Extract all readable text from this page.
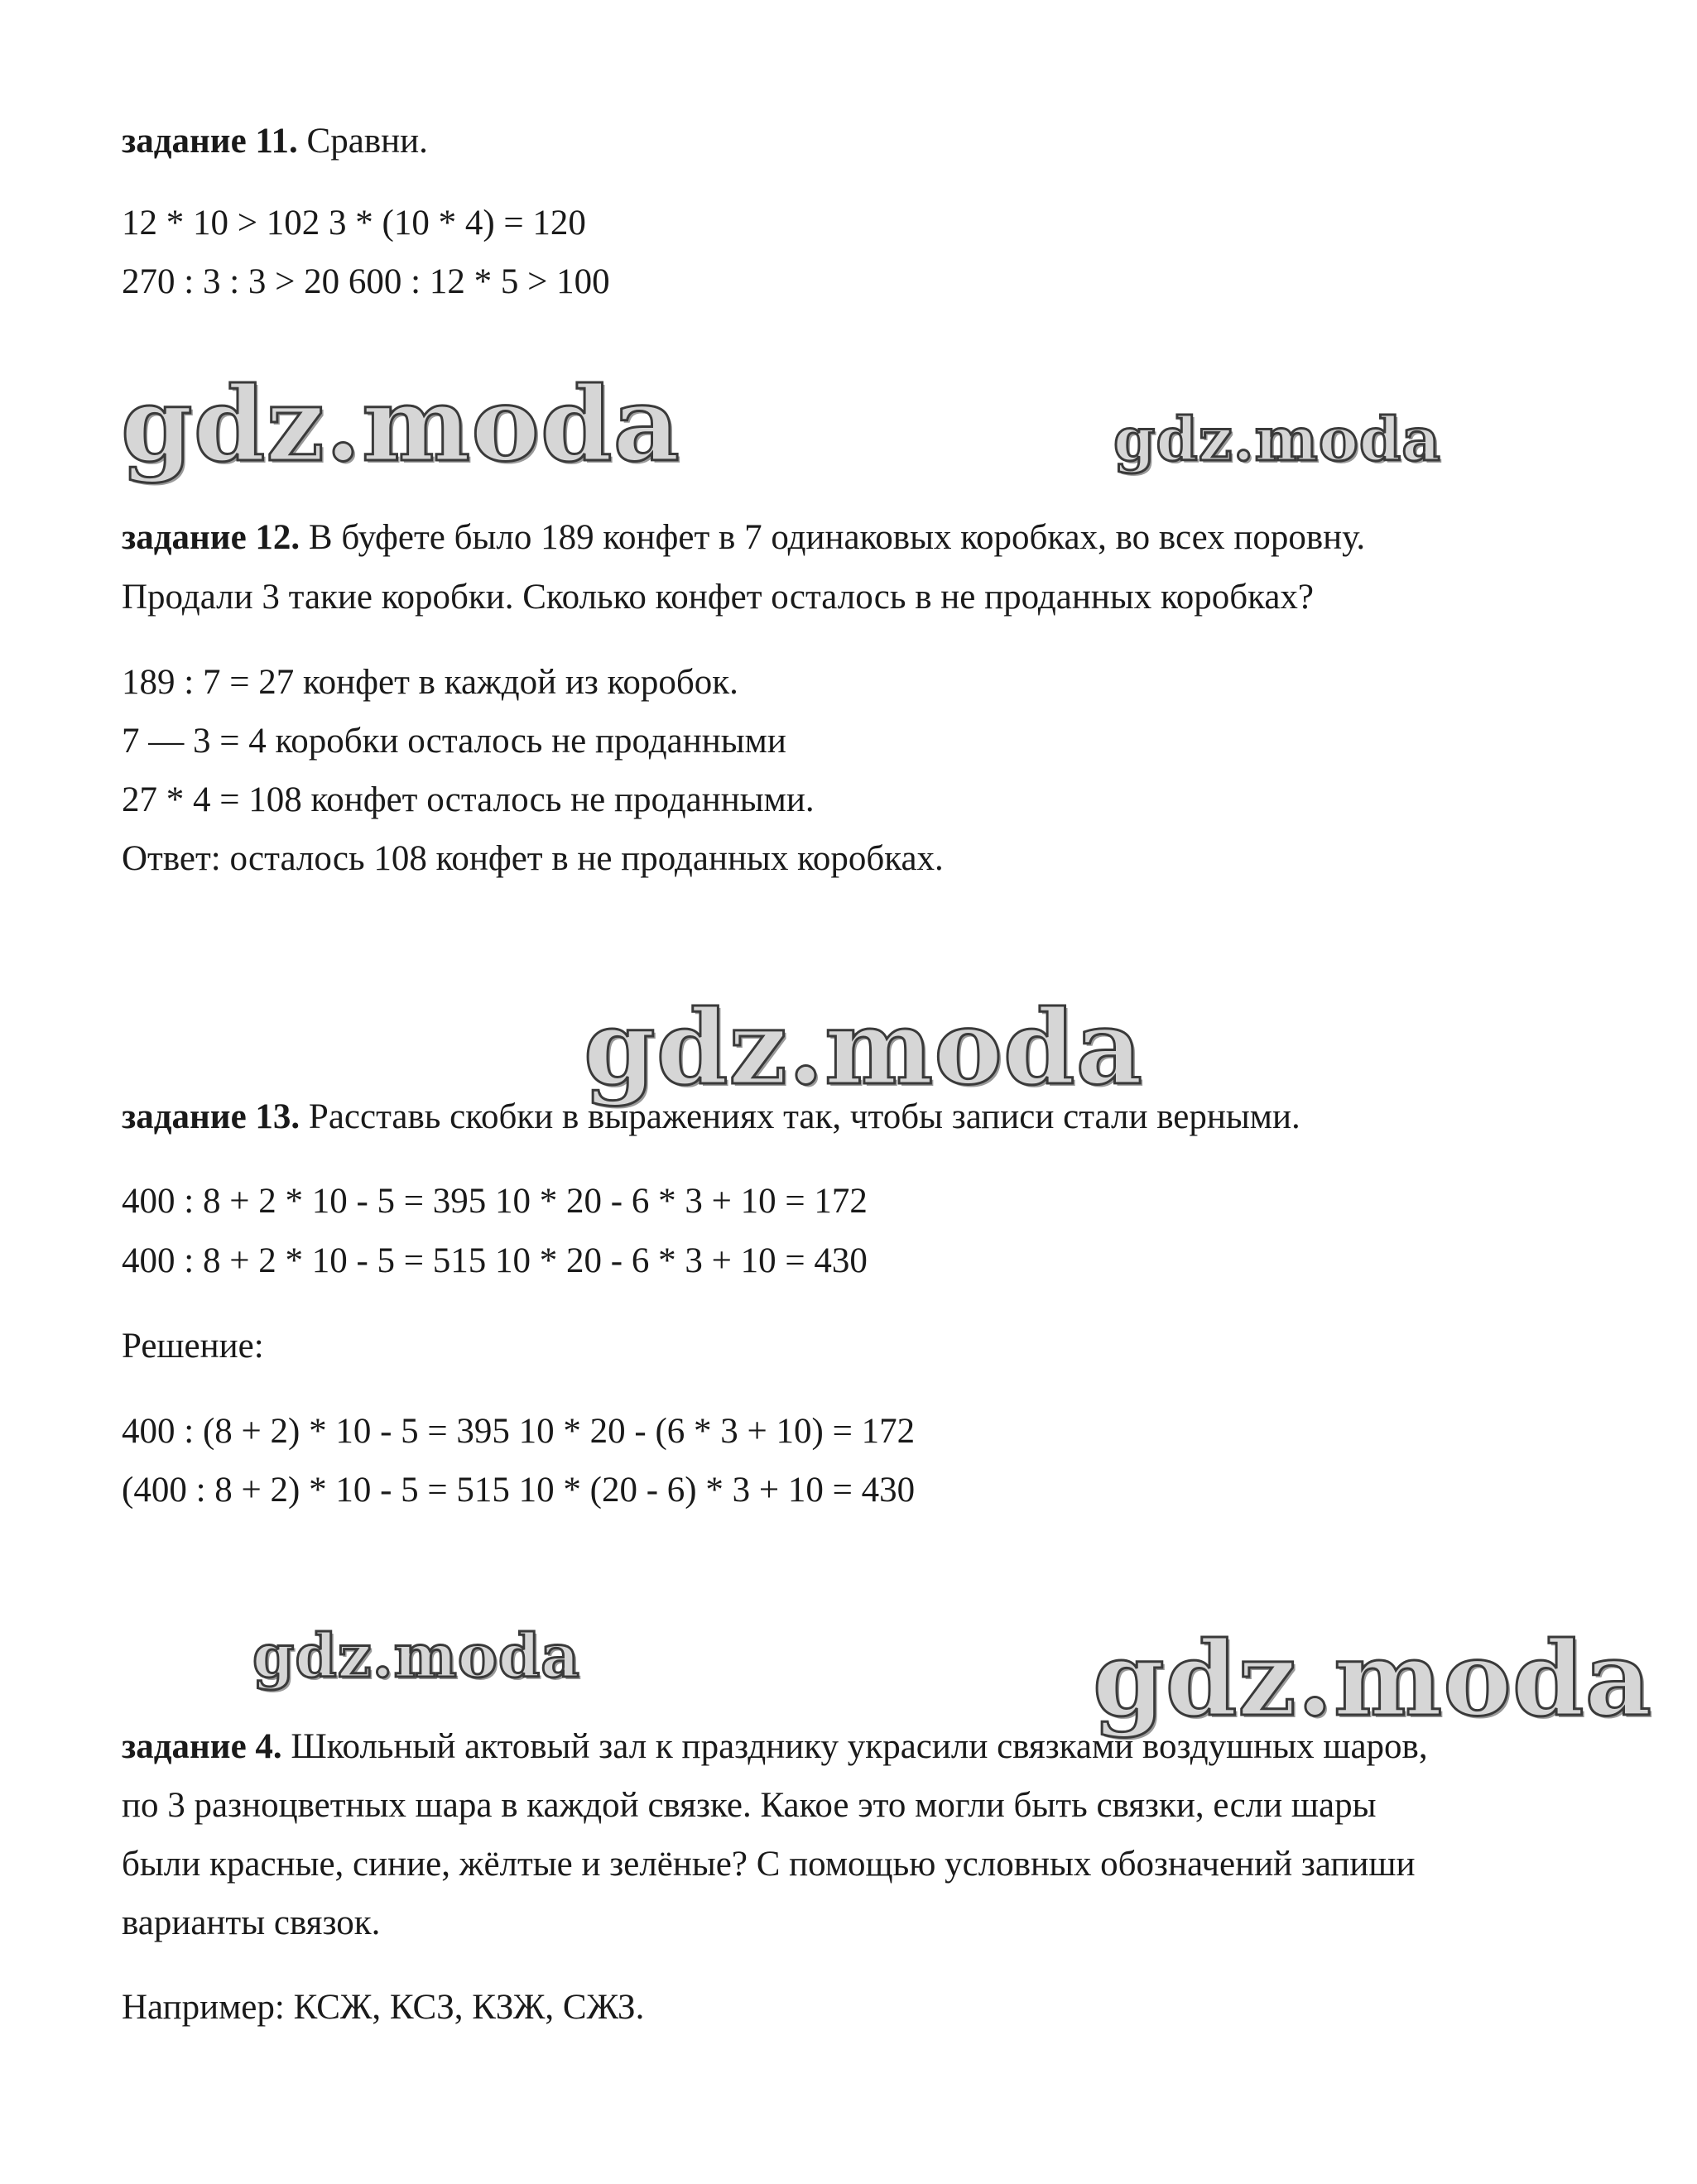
задание 11. Сравни.
12 * 10 > 102 3 * (10 * 4) = 120
270 : 3 : 3 > 20 600 : 12 * 5 > 100
gdz.moda	gdz.moda
задание 12. В буфете было 189 конфет в 7 одинаковых коробках, во всех поровну.
Продали 3 такие коробки. Сколько конфет осталось в не проданных коробках?
189 : 7 = 27 конфет в каждой из коробок.
7 — 3 = 4 коробки осталось не проданными
27 * 4 = 108 конфет осталось не проданными.
Ответ: осталось 108 конфет в не проданных коробках.
gdz.moda
задание 13. Расставь скобки в выражениях так, чтобы записи стали верными.
400 : 8 + 2 * 10 - 5 = 395 10 * 20 - 6 * 3 + 10 = 172
400 : 8 + 2 * 10 - 5 = 515 10 * 20 - 6 * 3 + 10 = 430
Решение:
400 : (8 + 2) * 10 - 5 = 395 10 * 20 - (6 * 3 + 10) = 172
(400 : 8 + 2) * 10 - 5 = 515 10 * (20 - 6) * 3 + 10 = 430
gdz.moda	gdz.moda
задание 4. Школьный актовый зал к празднику украсили связками воздушных шаров,
по 3 разноцветных шара в каждой связке. Какое это могли быть связки, если шары
были красные, синие, жёлтые и зелёные? С помощью условных обозначений запиши
варианты связок.
Например: КСЖ, КСЗ, КЗЖ, СЖЗ.
